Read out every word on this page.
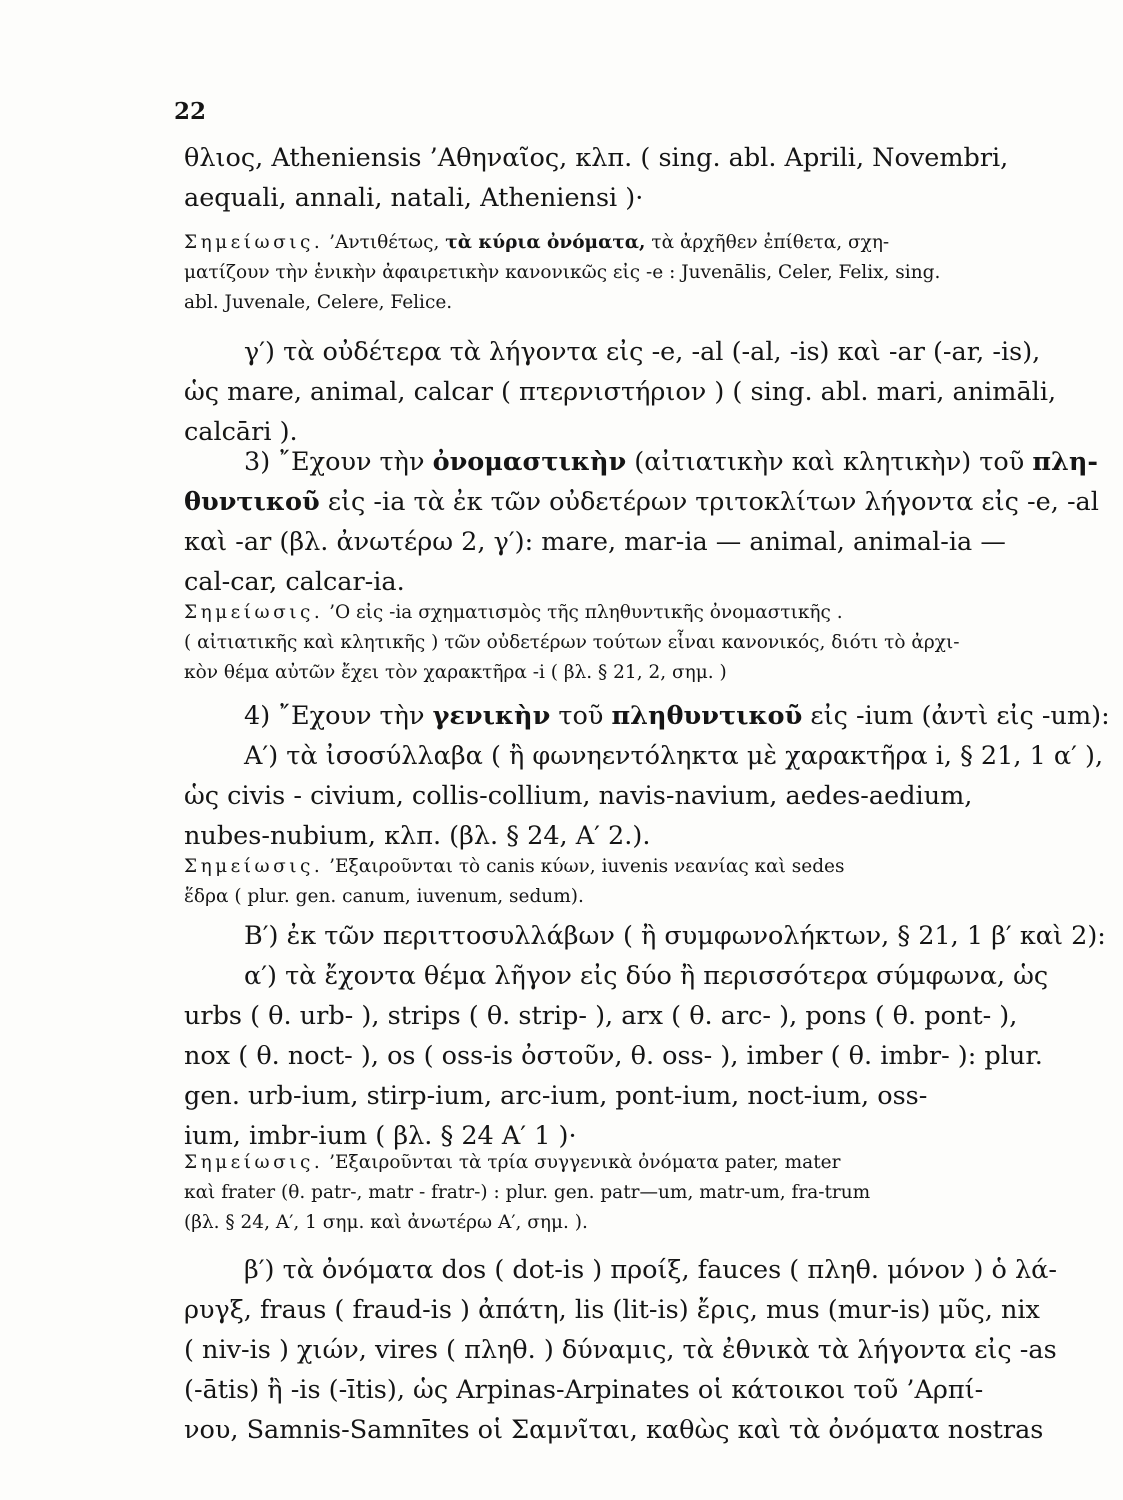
22
θλιος, Atheniensis ’Αθηναῖος, κλπ. ( sing. abl. Aprili, Novembri,
aequali, annali, natali, Atheniensi )·
Σημείωσις. ’Αντιθέτως, τὰ κύρια ὀνόματα, τὰ ἀρχῆθεν ἐπίθετα, σχη-
ματίζουν τὴν ἑνικὴν ἀφαιρετικὴν κανονικῶς εἰς -e : Juvenālis, Celer, Felix, sing.
abl. Juvenale, Celere, Felice.
γ′) τὰ οὐδέτερα τὰ λήγοντα εἰς -e, -al (-al, -is) καὶ -ar (-ar, -is),
ὡς mare, animal, calcar ( πτερνιστήριον ) ( sing. abl. mari, animāli,
calcāri ).
3) ῎Εχουν τὴν ὀνομαστικὴν (αἰτιατικὴν καὶ κλητικὴν) τοῦ πλη-
θυντικοῦ εἰς -ia τὰ ἐκ τῶν οὐδετέρων τριτοκλίτων λήγοντα εἰς -e, -al
καὶ -ar (βλ. ἀνωτέρω 2, γ′): mare, mar-ia — animal, animal-ia —
cal-car, calcar-ia.
Σημείωσις. ’Ο εἰς -ia σχηματισμὸς τῆς πληθυντικῆς ὀνομαστικῆς .
( αἰτιατικῆς καὶ κλητικῆς ) τῶν οὐδετέρων τούτων εἶναι κανονικός, διότι τὸ ἀρχι-
κὸν θέμα αὐτῶν ἔχει τὸν χαρακτῆρα -i ( βλ. § 21, 2, σημ. )
4) ῎Εχουν τὴν γενικὴν τοῦ πληθυντικοῦ εἰς -ium (ἀντὶ εἰς -um):
Α′) τὰ ἰσοσύλλαβα ( ἢ φωνηεντόληκτα μὲ χαρακτῆρα i, § 21, 1 α′ ),
ὡς civis - civium, collis-collium, navis-navium, aedes-aedium,
nubes-nubium, κλπ. (βλ. § 24, Α′ 2.).
Σημείωσις. ’Εξαιροῦνται τὸ canis κύων, iuvenis νεανίας καὶ sedes
ἕδρα ( plur. gen. canum, iuvenum, sedum).
Β′) ἐκ τῶν περιττοσυλλάβων ( ἢ συμφωνολήκτων, § 21, 1 β′ καὶ 2):
α′) τὰ ἔχοντα θέμα λῆγον εἰς δύο ἢ περισσότερα σύμφωνα, ὡς
urbs ( θ. urb- ), strips ( θ. strip- ), arx ( θ. arc- ), pons ( θ. pont- ),
nox ( θ. noct- ), os ( oss-is ὀστοῦν, θ. oss- ), imber ( θ. imbr- ): plur.
gen. urb-ium, stirp-ium, arc-ium, pont-ium, noct-ium, oss-
ium, imbr-ium ( βλ. § 24 Α′ 1 )·
Σημείωσις. ’Εξαιροῦνται τὰ τρία συγγενικὰ ὀνόματα pater, mater
καὶ frater (θ. patr-, matr - fratr-) : plur. gen. patr—um, matr-um, fra-trum
(βλ. § 24, Α′, 1 σημ. καὶ ἀνωτέρω Α′, σημ. ).
β′) τὰ ὀνόματα dos ( dot-is ) προίξ, fauces ( πληθ. μόνον ) ὁ λά-
ρυγξ, fraus ( fraud-is ) ἀπάτη, lis (lit-is) ἔρις, mus (mur-is) μῦς, nix
( niv-is ) χιών, vires ( πληθ. ) δύναμις, τὰ ἐθνικὰ τὰ λήγοντα εἰς -as
(-ātis) ἢ -is (-ītis), ὡς Arpinas-Arpinates οἱ κάτοικοι τοῦ ’Αρπί-
νου, Samnis-Samnītes οἱ Σαμνῖται, καθὼς καὶ τὰ ὀνόματα nostras
